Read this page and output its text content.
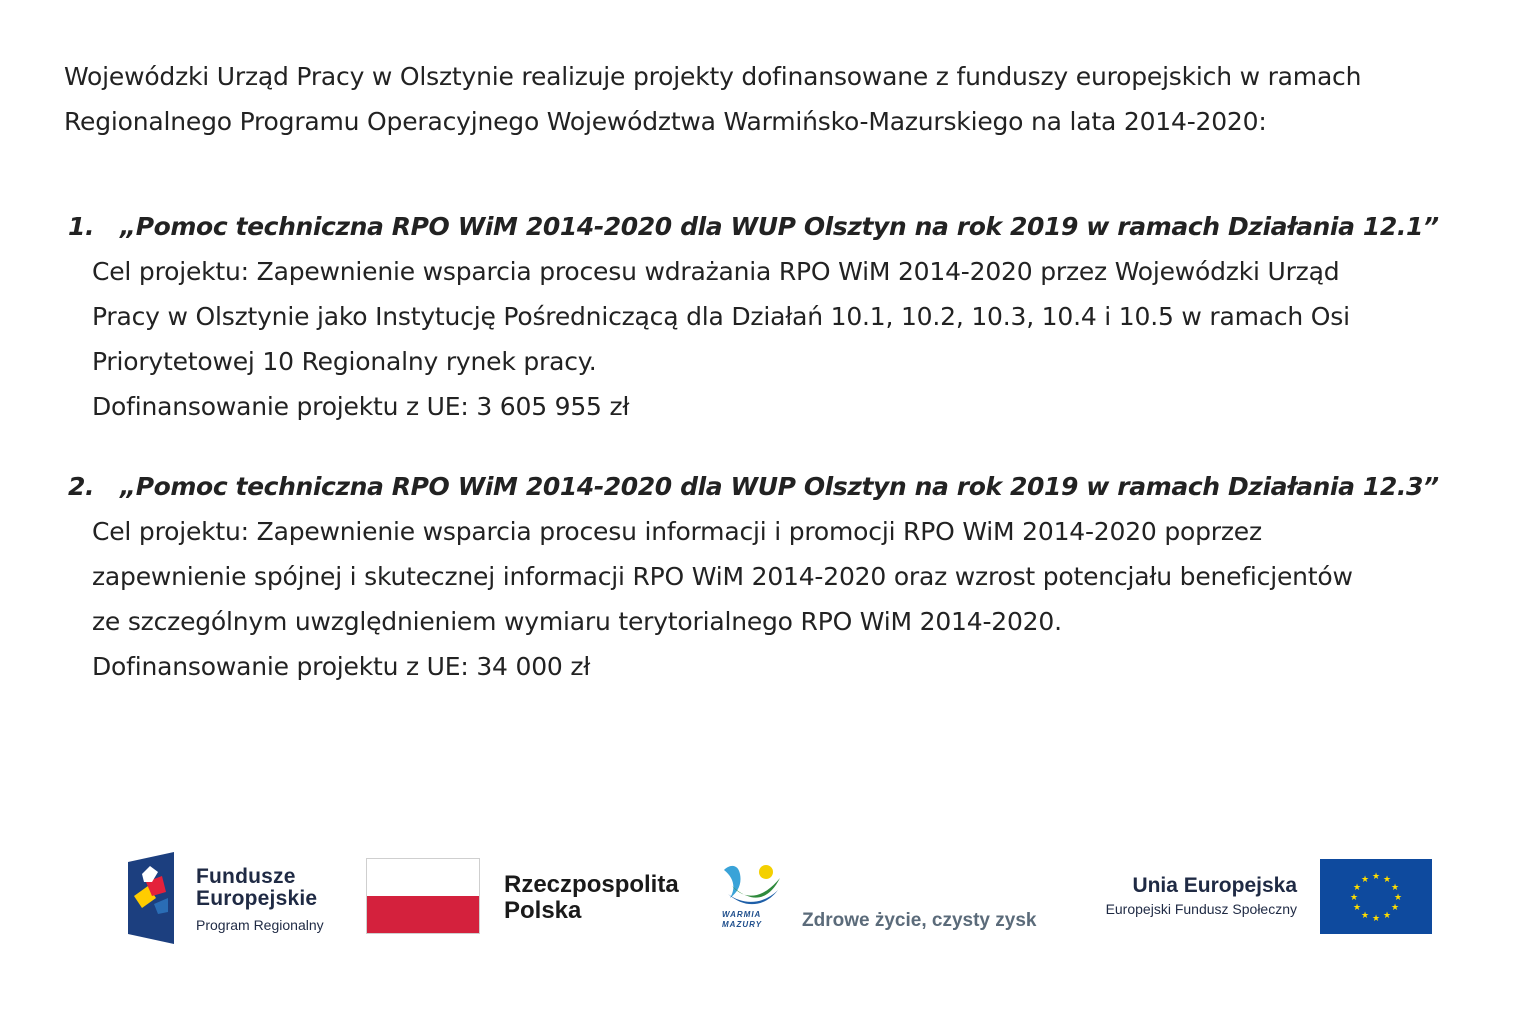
Wojewódzki Urząd Pracy w Olsztynie realizuje projekty dofinansowane z funduszy europejskich w ramach
Regionalnego Programu Operacyjnego Województwa Warmińsko-Mazurskiego na lata 2014-2020:
1.	„Pomoc techniczna RPO WiM 2014-2020 dla WUP Olsztyn na rok 2019 w ramach Działania 12.1”

Cel projektu: Zapewnienie wsparcia procesu wdrażania RPO WiM 2014-2020 przez Wojewódzki Urząd

Pracy w Olsztynie jako Instytucję Pośredniczącą dla Działań 10.1, 10.2, 10.3, 10.4 i 10.5 w ramach Osi

Priorytetowej 10 Regionalny rynek pracy.

Dofinansowanie projektu z UE: 3 605 955 zł

2.	„Pomoc techniczna RPO WiM 2014-2020 dla WUP Olsztyn na rok 2019 w ramach Działania 12.3”

Cel projektu: Zapewnienie wsparcia procesu informacji i promocji RPO WiM 2014-2020 poprzez

zapewnienie spójnej i skutecznej informacji RPO WiM 2014-2020 oraz wzrost potencjału beneficjentów

ze szczególnym uwzględnieniem wymiaru terytorialnego RPO WiM 2014-2020.

Dofinansowanie projektu z UE: 34 000 zł

Fundusze
Europejskie
Program Regionalny
Rzeczpospolita
Polska	WARMIA
MAZURY Zdrowe życie, czysty zysk
Unia Europejska
Europejski Fundusz Społeczny
★ ★
★
★
★
★
★
★
★
★
★
★
